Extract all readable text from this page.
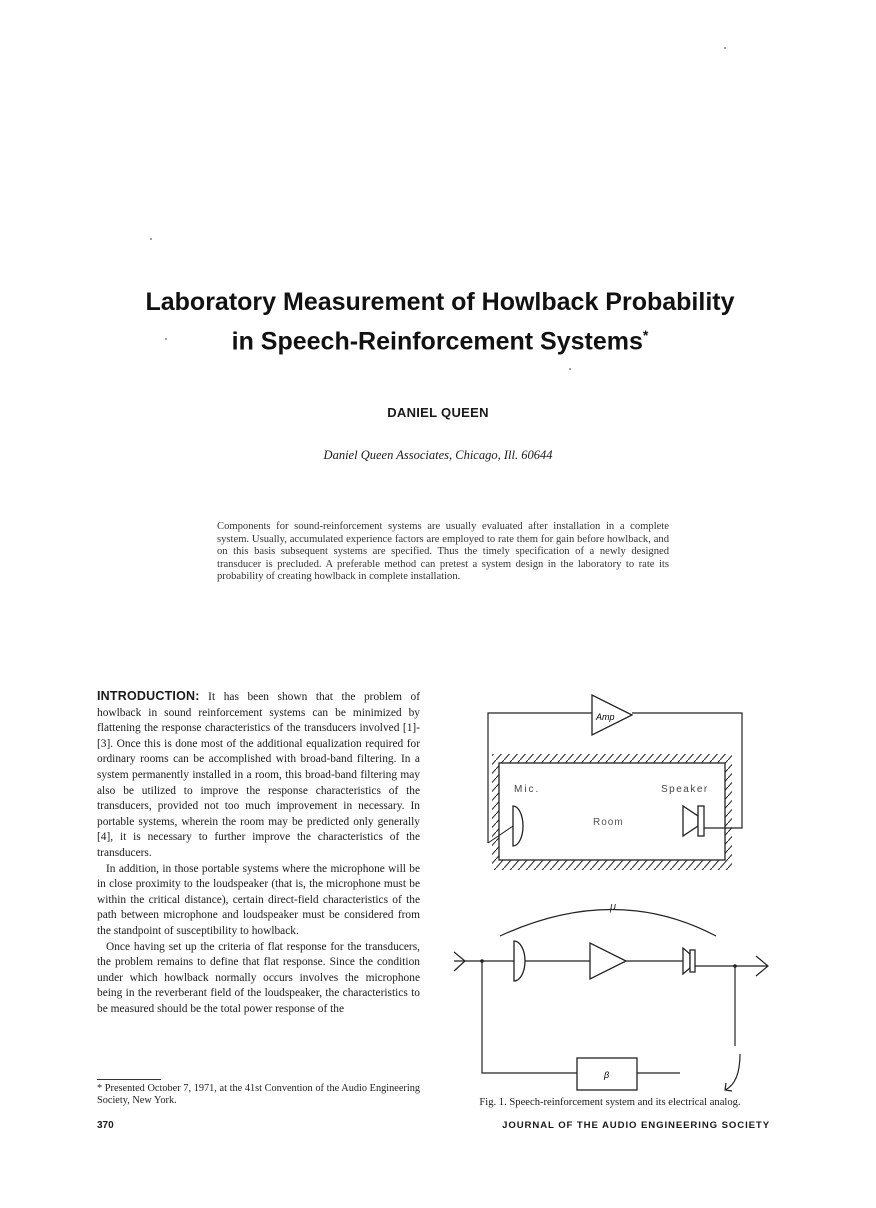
Laboratory Measurement of Howlback Probability
in Speech-Reinforcement Systems*
DANIEL QUEEN
Daniel Queen Associates, Chicago, Ill. 60644
Components for sound-reinforcement systems are usually evaluated after installation in a complete system. Usually, accumulated experience factors are employed to rate them for gain before howlback, and on this basis subsequent systems are specified. Thus the timely specification of a newly designed transducer is precluded. A preferable method can pretest a system design in the laboratory to rate its probability of creating howlback in complete installation.

INTRODUCTION: It has been shown that the problem of howlback in sound reinforcement systems can be minimized by flattening the response characteristics of the transducers involved [1]-[3]. Once this is done most of the additional equalization required for ordinary rooms can be accomplished with broad-band filtering. In a system permanently installed in a room, this broad-band filtering may also be utilized to improve the response characteristics of the transducers, provided not too much improvement in necessary. In portable systems, wherein the room may be predicted only generally [4], it is necessary to further improve the characteristics of the transducers.

In addition, in those portable systems where the microphone will be in close proximity to the loudspeaker (that is, the microphone must be within the critical distance), certain direct-field characteristics of the path between microphone and loudspeaker must be considered from the standpoint of susceptibility to howlback.

Once having set up the criteria of flat response for the transducers, the problem remains to define that flat response. Since the condition under which howlback normally occurs involves the microphone being in the reverberant field of the loudspeaker, the characteristics to be measured should be the total power response of the

* Presented October 7, 1971, at the 41st Convention of the Audio Engineering Society, New York.
Amp
Mic.	Speaker
Room
μ
β
Fig. 1. Speech-reinforcement system and its electrical analog.
370	JOURNAL OF THE AUDIO ENGINEERING SOCIETY
